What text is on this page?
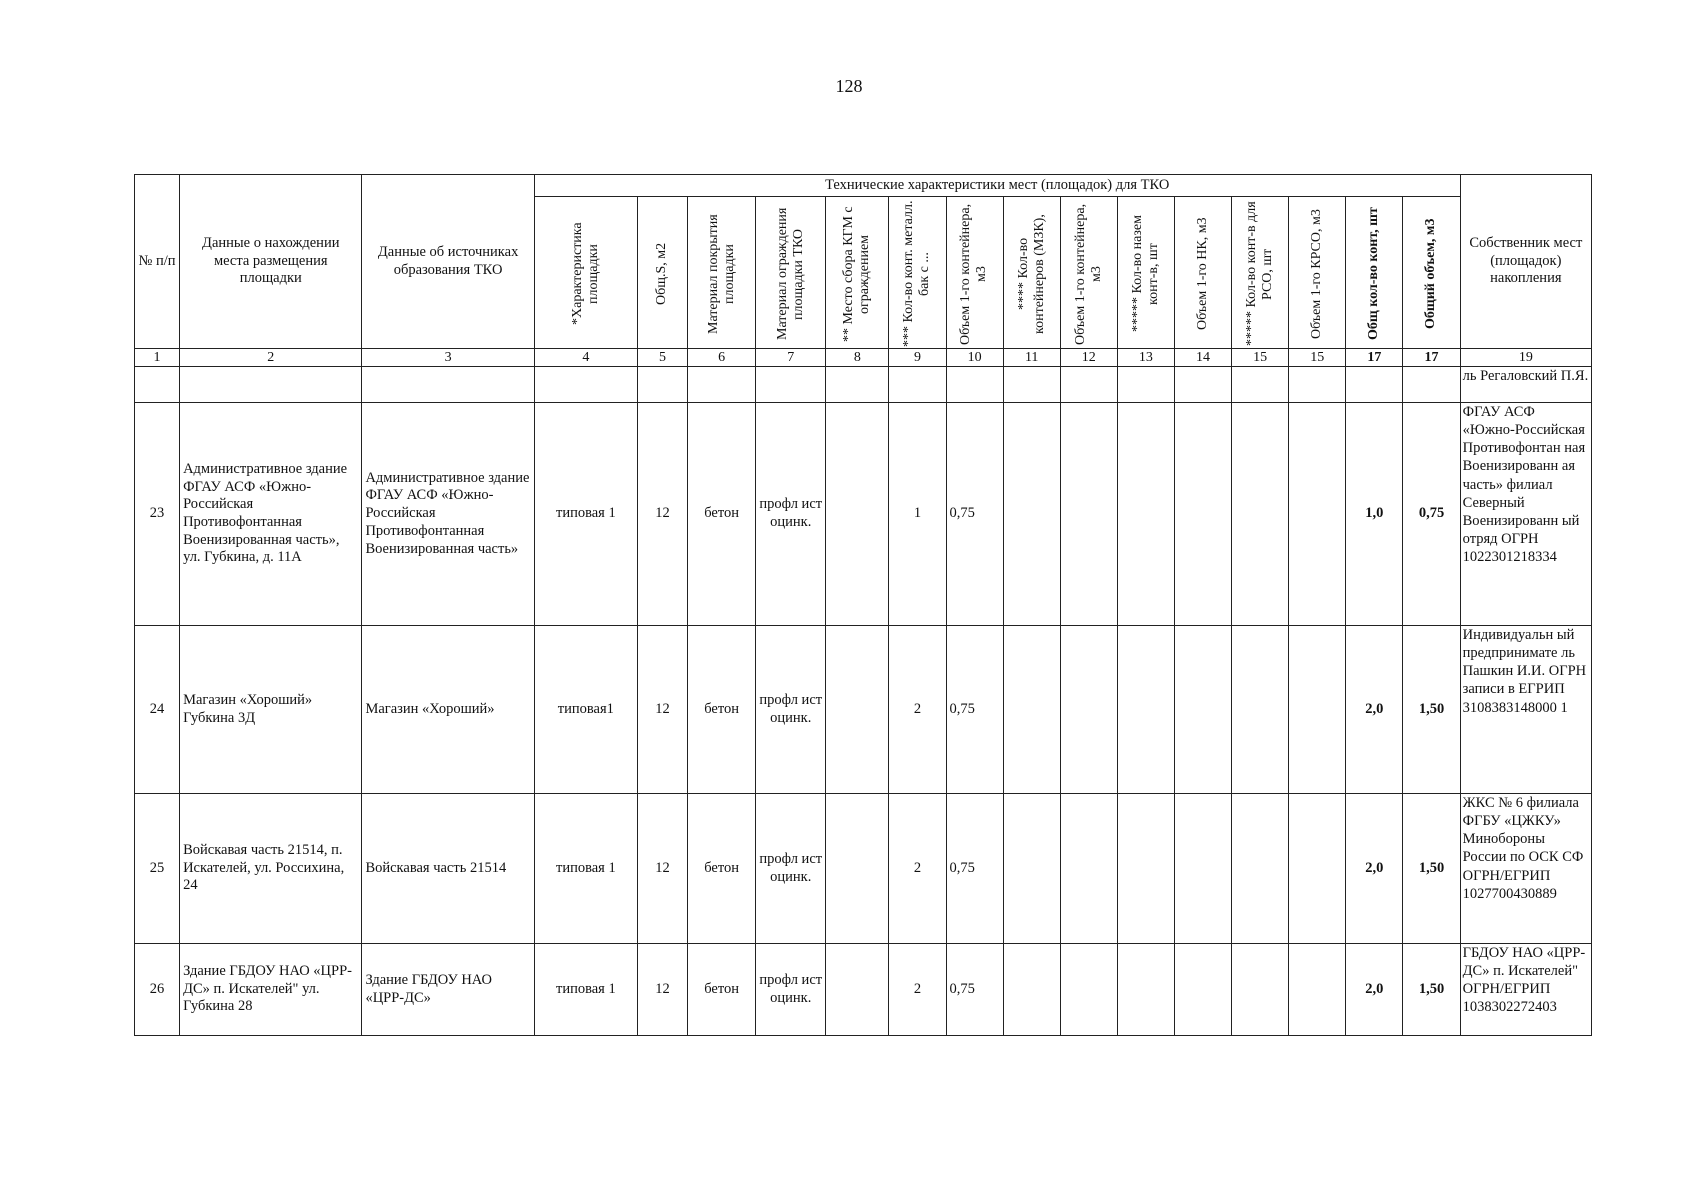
128
№ п/п	Данные о нахождении места размещения площадки	Данные об источниках образования ТКО	Технические характеристики мест (площадок) для ТКО															Собственник мест (площадок) накопления

			*Характеристика площадки	Общ.S, м2	Материал покрытия площадки	Материал ограждения площадки ТКО	** Место сбора КГМ с ограждением	*** Кол-во конт. металл. бак с ...	Объем 1-го контейнера, м3	**** Кол-во контейнеров (МЗК),	Объем 1-го контейнера, м3	***** Кол-во назем конт-в, шт	Объем 1-го НК, м3	***** Кол-во конт-в для РСО, шт	Объем 1-го КРСО, м3	Общ кол-во конт, шт	Общий объем, м3	

1	2	3	4	5	6	7	8	9	10	11	12	13	14	15	15	17	17	19
																		ль Регаловский П.Я.
23	Административное здание ФГАУ АСФ «Южно-Российская Противофонтанная Военизированная часть», ул. Губкина, д. 11А	Административное здание ФГАУ АСФ «Южно-Российская Противофонтанная Военизированная часть»	типовая 1	12	бетон	профл ист оцинк.		1	0,75							1,0	0,75	ФГАУ АСФ «Южно-Российская Противофонтан ная Военизированн ая часть» филиал Северный Военизированн ый отряд ОГРН 1022301218334
24	Магазин «Хороший» Губкина 3Д	Магазин «Хороший»	типовая1	12	бетон	профл ист оцинк.		2	0,75							2,0	1,50	Индивидуальн ый предпринимате ль Пашкин И.И. ОГРН записи в ЕГРИП 3108383148000 1
25	Войскавая часть 21514, п. Искателей, ул. Россихина, 24	Войскавая часть 21514	типовая 1	12	бетон	профл ист оцинк.		2	0,75							2,0	1,50	ЖКС № 6 филиала ФГБУ «ЦЖКУ» Минобороны России по ОСК СФ ОГРН/ЕГРИП 1027700430889
26	Здание ГБДОУ НАО «ЦРР-ДС» п. Искателей" ул. Губкина 28	Здание ГБДОУ НАО «ЦРР-ДС»	типовая 1	12	бетон	профл ист оцинк.		2	0,75							2,0	1,50	ГБДОУ НАО «ЦРР-ДС» п. Искателей" ОГРН/ЕГРИП 1038302272403
